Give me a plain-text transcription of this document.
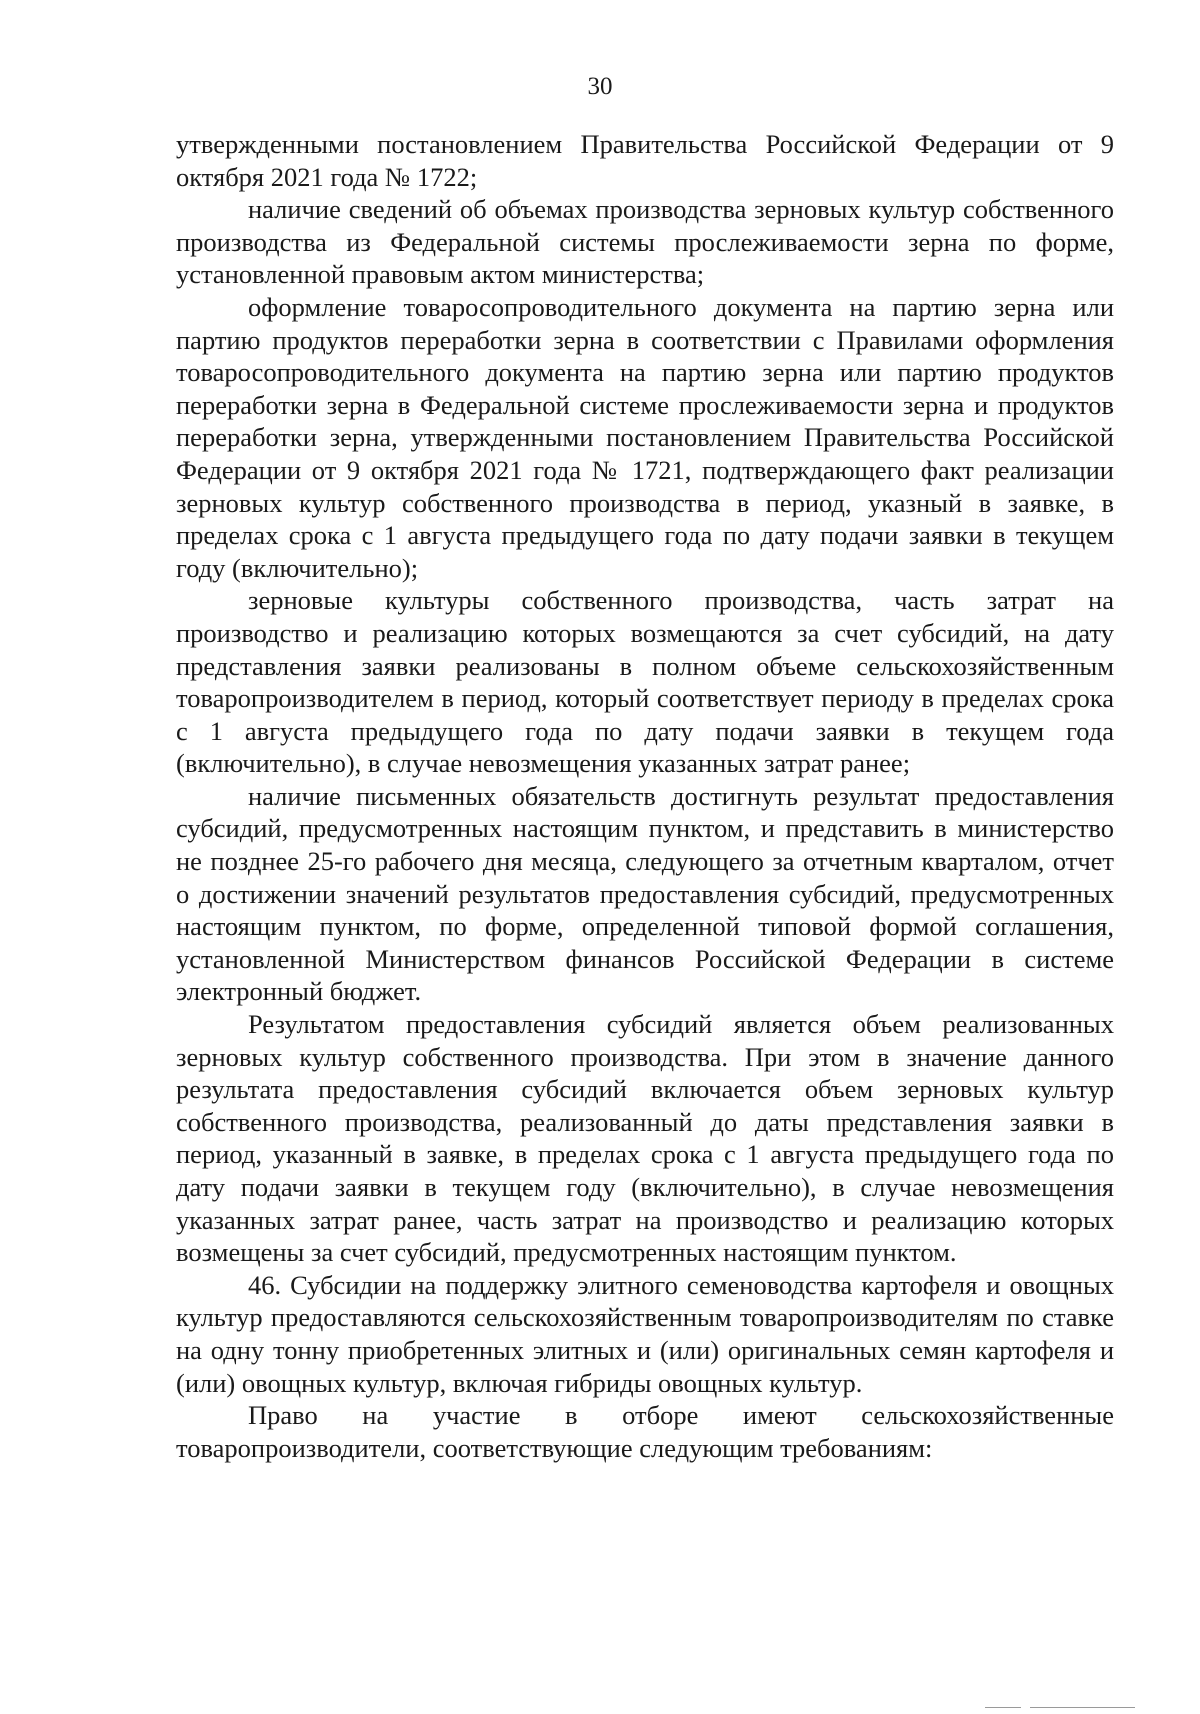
30

утвержденными постановлением Правительства Российской Федерации от 9 октября 2021 года № 1722;

наличие сведений об объемах производства зерновых культур собственного производства из Федеральной системы прослеживаемости зерна по форме, установленной правовым актом министерства;

оформление товаросопроводительного документа на партию зерна или партию продуктов переработки зерна в соответствии с Правилами оформления товаросопроводительного документа на партию зерна или партию продуктов переработки зерна в Федеральной системе прослеживаемости зерна и продуктов переработки зерна, утвержденными постановлением Правительства Российской Федерации от 9 октября 2021 года № 1721, подтверждающего факт реализации зерновых культур собственного производства в период, указный в заявке, в пределах срока с 1 августа предыдущего года по дату подачи заявки в текущем году (включительно);

зерновые культуры собственного производства, часть затрат на производство и реализацию которых возмещаются за счет субсидий, на дату представления заявки реализованы в полном объеме сельскохозяйственным товаропроизводителем в период, который соответствует периоду в пределах срока с 1 августа предыдущего года по дату подачи заявки в текущем года (включительно), в случае невозмещения указанных затрат ранее;

наличие письменных обязательств достигнуть результат предоставления субсидий, предусмотренных настоящим пунктом, и представить в министерство не позднее 25-го рабочего дня месяца, следующего за отчетным кварталом, отчет о достижении значений результатов предоставления субсидий, предусмотренных настоящим пунктом, по форме, определенной типовой формой соглашения, установленной Министерством финансов Российской Федерации в системе электронный бюджет.

Результатом предоставления субсидий является объем реализованных зерновых культур собственного производства. При этом в значение данного результата предоставления субсидий включается объем зерновых культур собственного производства, реализованный до даты представления заявки в период, указанный в заявке, в пределах срока с 1 августа предыдущего года по дату подачи заявки в текущем году (включительно), в случае невозмещения указанных затрат ранее, часть затрат на производство и реализацию которых возмещены за счет субсидий, предусмотренных настоящим пунктом.

46. Субсидии на поддержку элитного семеноводства картофеля и овощных культур предоставляются сельскохозяйственным товаропроизводителям по ставке на одну тонну приобретенных элитных и (или) оригинальных семян картофеля и (или) овощных культур, включая гибриды овощных культур.

Право на участие в отборе имеют сельскохозяйственные товаропроизводители, соответствующие следующим требованиям:
